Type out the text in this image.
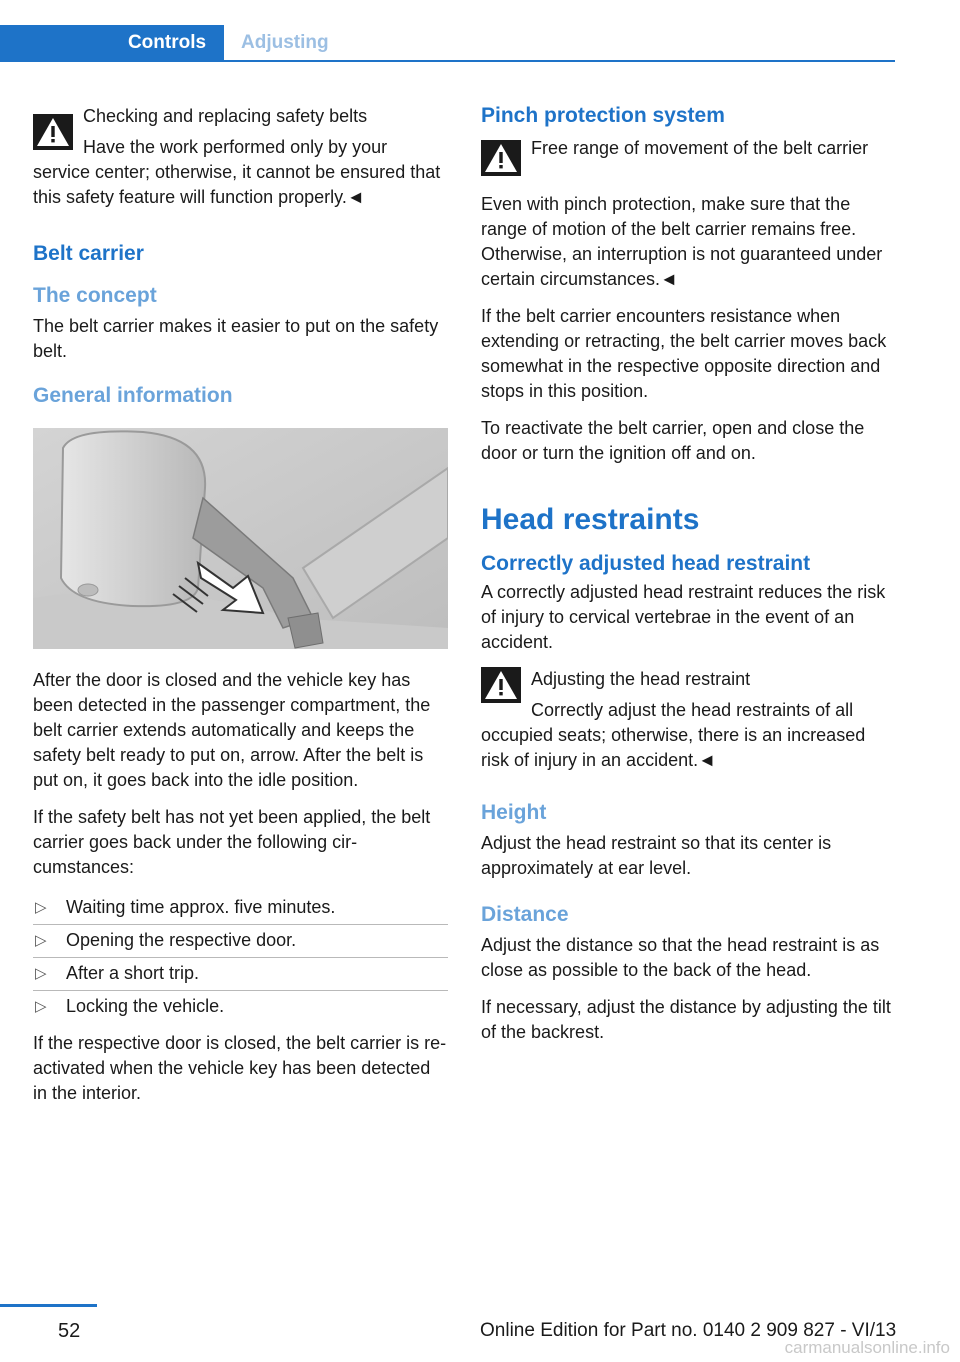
Controls Adjusting

Checking and replacing safety belts

Have the work performed only by your

service center; otherwise, it cannot be ensured that this safety feature will function properly.◄

Belt carrier
The concept

The belt carrier makes it easier to put on the safety belt.

General information

After the door is closed and the vehicle key has been detected in the passenger compartment, the belt carrier extends automatically and keeps the safety belt ready to put on, arrow. After the belt is put on, it goes back into the idle position.

If the safety belt has not yet been applied, the belt carrier goes back under the following circumstances:

▷ Waiting time approx. five minutes.
▷ Opening the respective door.
▷ After a short trip.
▷ Locking the vehicle.

If the respective door is closed, the belt carrier is re-activated when the vehicle key has been detected in the interior.

Pinch protection system

Free range of movement of the belt carrier

Even with pinch protection, make sure that the range of motion of the belt carrier remains free. Otherwise, an interruption is not guaranteed under certain circumstances.◄

If the belt carrier encounters resistance when extending or retracting, the belt carrier moves back somewhat in the respective opposite direction and stops in this position.

To reactivate the belt carrier, open and close the door or turn the ignition off and on.

Head restraints
Correctly adjusted head restraint

A correctly adjusted head restraint reduces the risk of injury to cervical vertebrae in the event of an accident.

Adjusting the head restraint

Correctly adjust the head restraints of all

occupied seats; otherwise, there is an increased risk of injury in an accident.◄

Height

Adjust the head restraint so that its center is approximately at ear level.

Distance

Adjust the distance so that the head restraint is as close as possible to the back of the head.

If necessary, adjust the distance by adjusting the tilt of the backrest.

52	Online Edition for Part no. 0140 2 909 827 - VI/13
carmanualsonline.info
